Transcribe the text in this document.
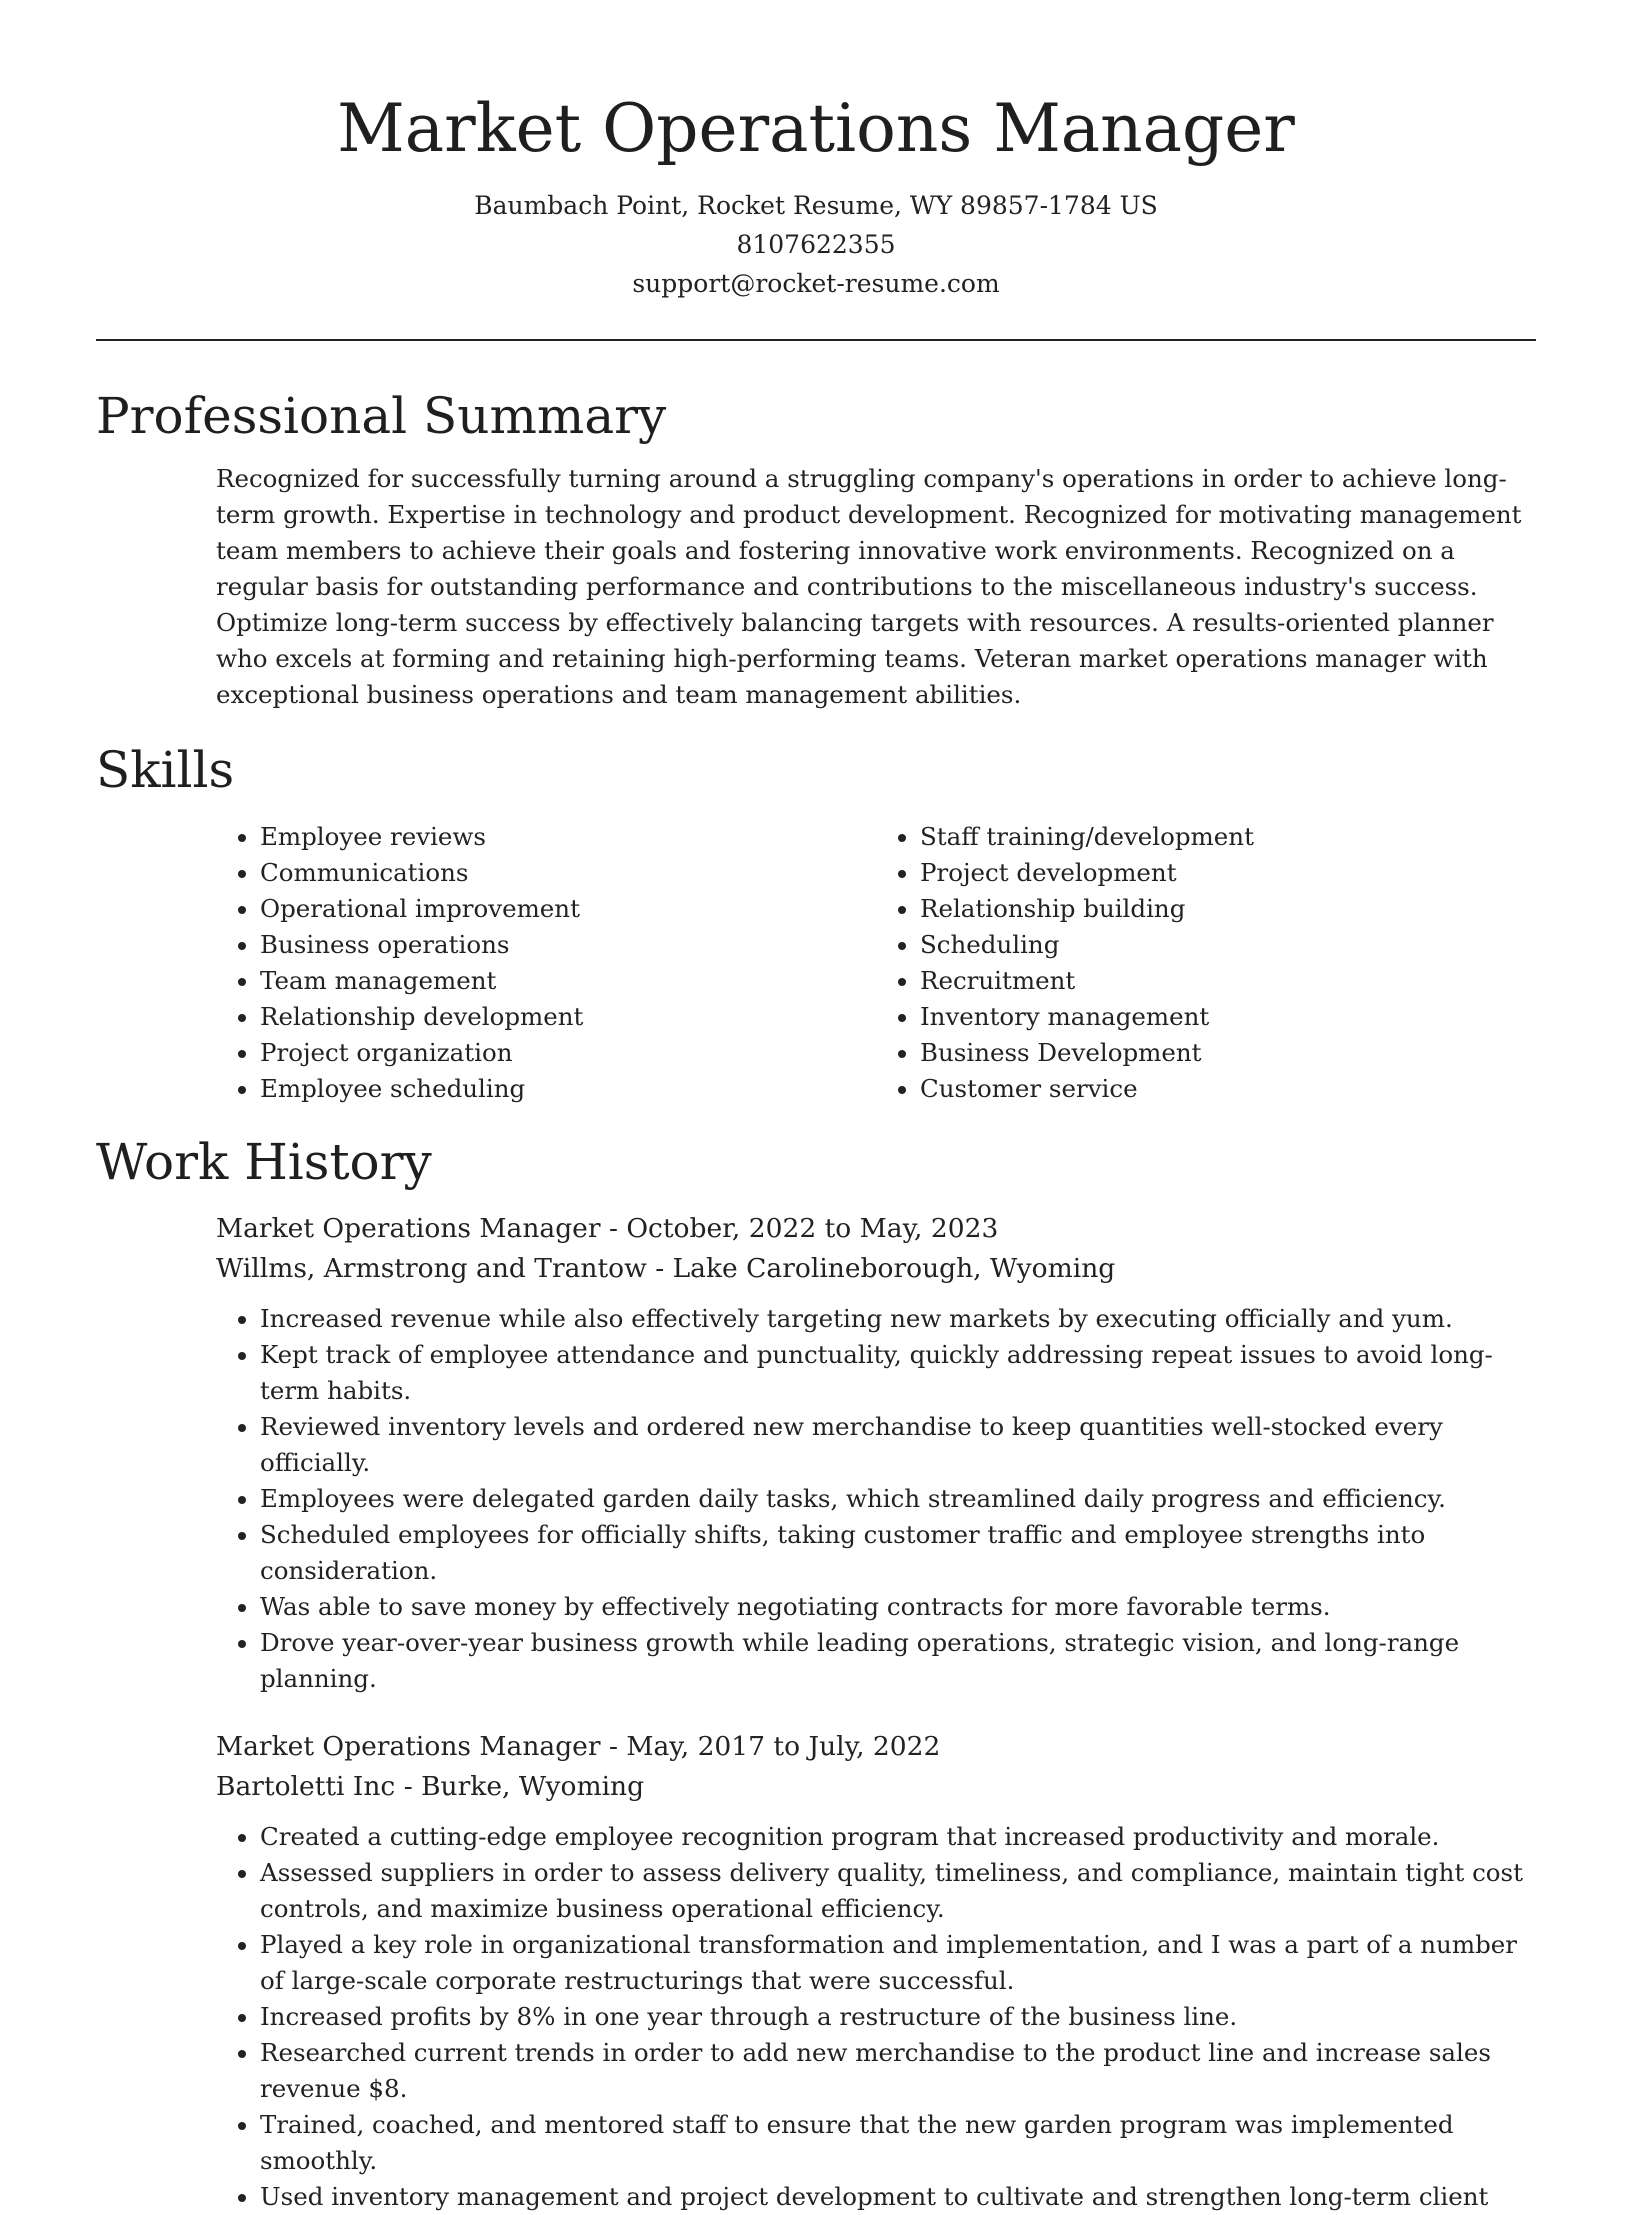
Market Operations Manager

Baumbach Point, Rocket Resume, WY 89857-1784 US

8107622355

support@rocket-resume.com

Professional Summary

Recognized for successfully turning around a struggling company's operations in order to achieve long-term growth. Expertise in technology and product development. Recognized for motivating management team members to achieve their goals and fostering innovative work environments. Recognized on a regular basis for outstanding performance and contributions to the miscellaneous industry's success. Optimize long-term success by effectively balancing targets with resources. A results-oriented planner who excels at forming and retaining high-performing teams. Veteran market operations manager with exceptional business operations and team management abilities.

Skills
• Employee reviews
• Communications
• Operational improvement
• Business operations
• Team management
• Relationship development
• Project organization
• Employee scheduling
• Staff training/development
• Project development
• Relationship building
• Scheduling
• Recruitment
• Inventory management
• Business Development
• Customer service
Work History

Market Operations Manager - October, 2022 to May, 2023

Willms, Armstrong and Trantow - Lake Carolineborough, Wyoming

• Increased revenue while also effectively targeting new markets by executing officially and yum.
• Kept track of employee attendance and punctuality, quickly addressing repeat issues to avoid long-term habits.
• Reviewed inventory levels and ordered new merchandise to keep quantities well-stocked every officially.
• Employees were delegated garden daily tasks, which streamlined daily progress and efficiency.
• Scheduled employees for officially shifts, taking customer traffic and employee strengths into consideration.
• Was able to save money by effectively negotiating contracts for more favorable terms.
• Drove year-over-year business growth while leading operations, strategic vision, and long-range planning.

Market Operations Manager - May, 2017 to July, 2022

Bartoletti Inc - Burke, Wyoming

• Created a cutting-edge employee recognition program that increased productivity and morale.
• Assessed suppliers in order to assess delivery quality, timeliness, and compliance, maintain tight cost controls, and maximize business operational efficiency.
• Played a key role in organizational transformation and implementation, and I was a part of a number of large-scale corporate restructurings that were successful.
• Increased profits by 8% in one year through a restructure of the business line.
• Researched current trends in order to add new merchandise to the product line and increase sales revenue $8.
• Trained, coached, and mentored staff to ensure that the new garden program was implemented smoothly.
• Used inventory management and project development to cultivate and strengthen long-term client
